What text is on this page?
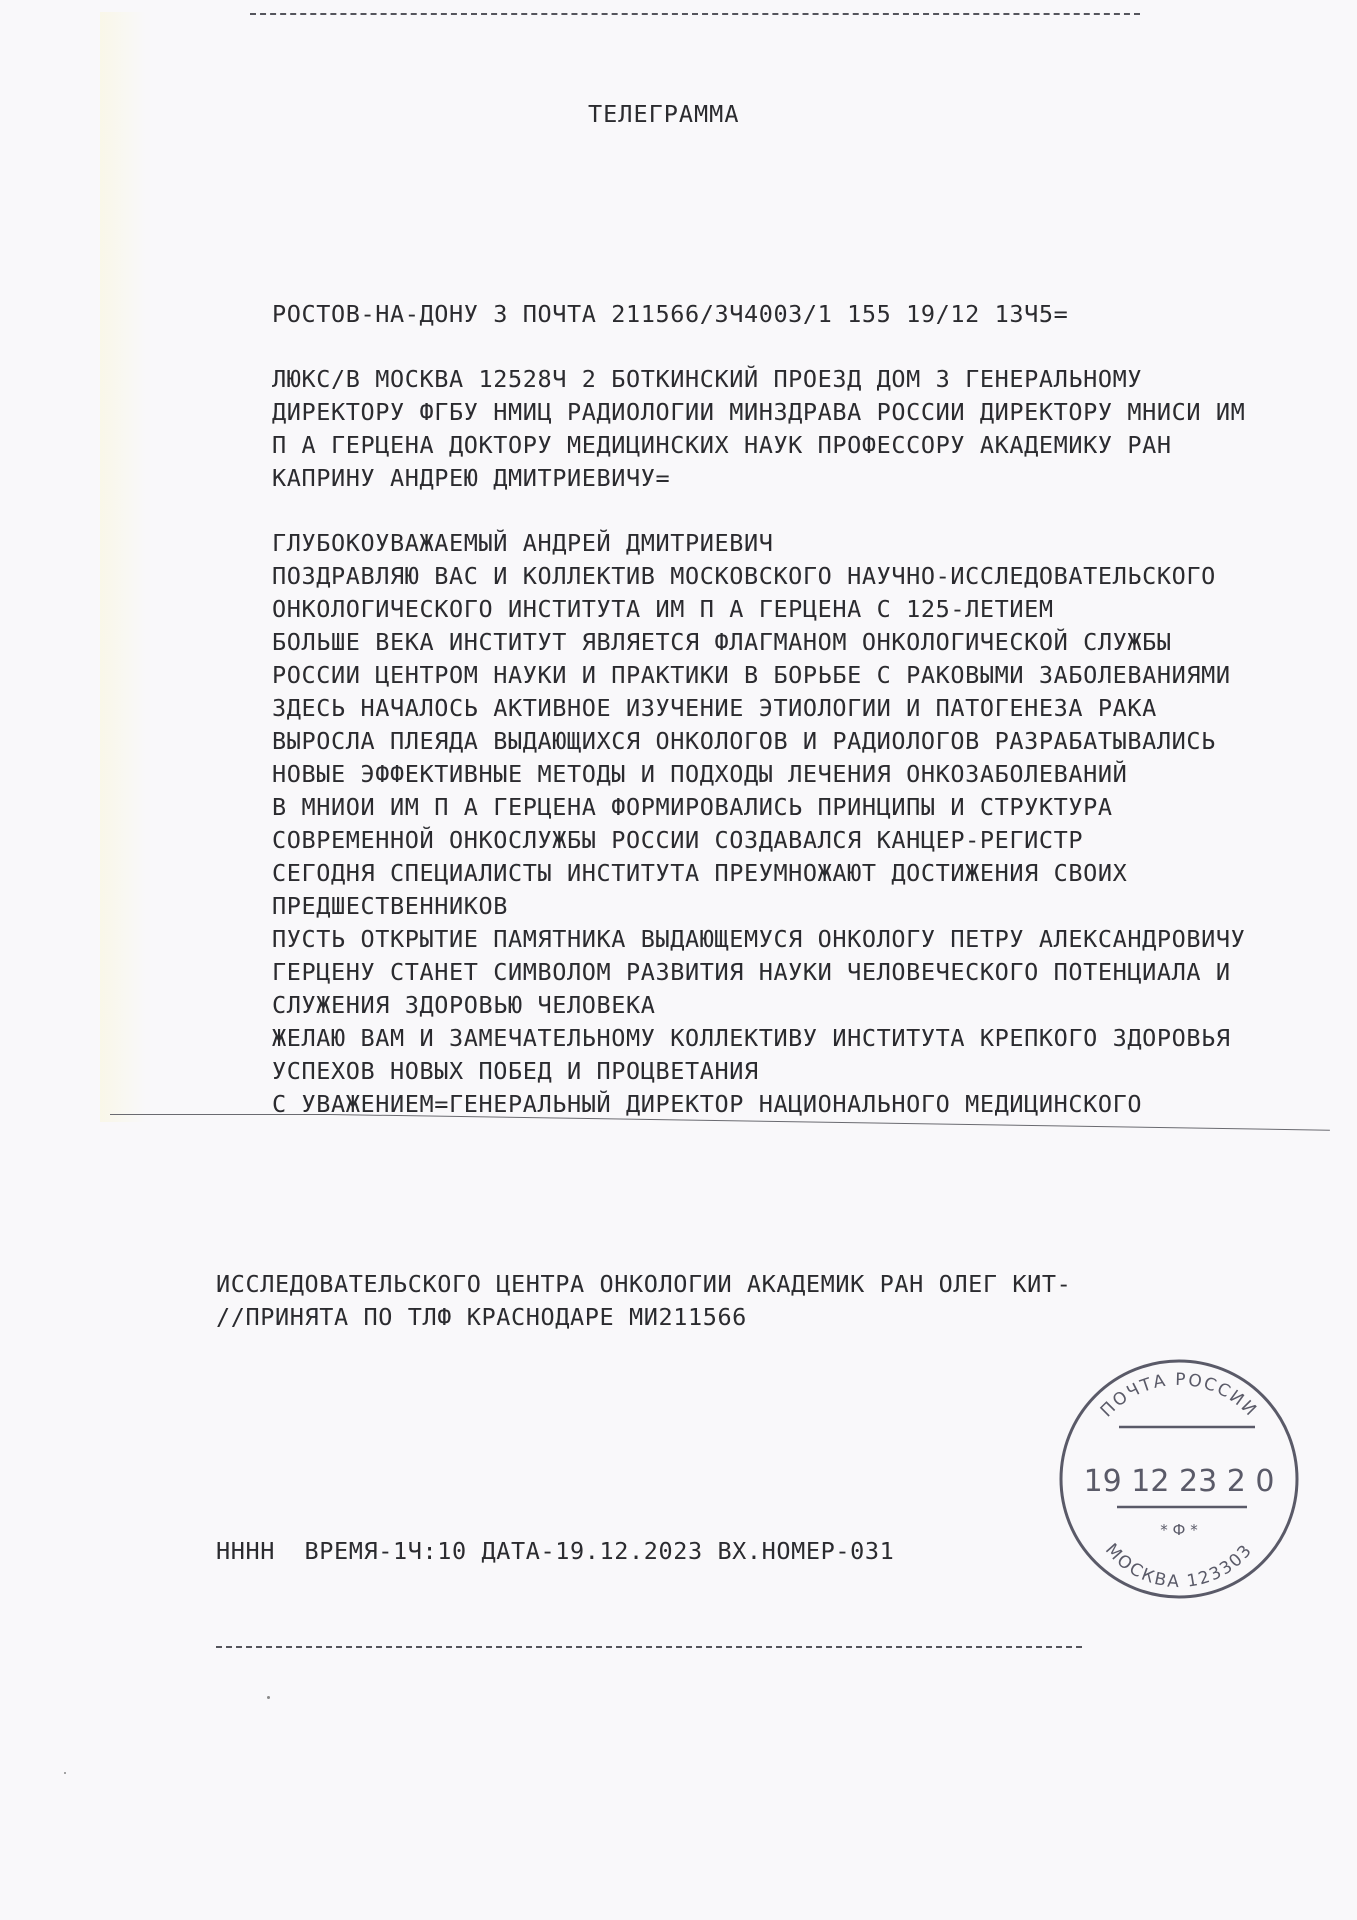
ТЕЛЕГРАММА
РОСТОВ-НА-ДОНУ 3 ПОЧТА 211566/3Ч4003/1 155 19/12 13Ч5=
ЛЮКС/В МОСКВА 12528Ч 2 БОТКИНСКИЙ ПРОЕЗД ДОМ 3 ГЕНЕРАЛЬНОМУ
ДИРЕКТОРУ ФГБУ НМИЦ РАДИОЛОГИИ МИНЗДРАВА РОССИИ ДИРЕКТОРУ МНИСИ ИМ
П А ГЕРЦЕНА ДОКТОРУ МЕДИЦИНСКИХ НАУК ПРОФЕССОРУ АКАДЕМИКУ РАН
КАПРИНУ АНДРЕЮ ДМИТРИЕВИЧУ=
ГЛУБОКОУВАЖАЕМЫЙ АНДРЕЙ ДМИТРИЕВИЧ
ПОЗДРАВЛЯЮ ВАС И КОЛЛЕКТИВ МОСКОВСКОГО НАУЧНО-ИССЛЕДОВАТЕЛЬСКОГО
ОНКОЛОГИЧЕСКОГО ИНСТИТУТА ИМ П А ГЕРЦЕНА С 125-ЛЕТИЕМ
БОЛЬШЕ ВЕКА ИНСТИТУТ ЯВЛЯЕТСЯ ФЛАГМАНОМ ОНКОЛОГИЧЕСКОЙ СЛУЖБЫ
РОССИИ ЦЕНТРОМ НАУКИ И ПРАКТИКИ В БОРЬБЕ С РАКОВЫМИ ЗАБОЛЕВАНИЯМИ
ЗДЕСЬ НАЧАЛОСЬ АКТИВНОЕ ИЗУЧЕНИЕ ЭТИОЛОГИИ И ПАТОГЕНЕЗА РАКА
ВЫРОСЛА ПЛЕЯДА ВЫДАЮЩИХСЯ ОНКОЛОГОВ И РАДИОЛОГОВ РАЗРАБАТЫВАЛИСЬ
НОВЫЕ ЭФФЕКТИВНЫЕ МЕТОДЫ И ПОДХОДЫ ЛЕЧЕНИЯ ОНКОЗАБОЛЕВАНИЙ
В МНИОИ ИМ П А ГЕРЦЕНА ФОРМИРОВАЛИСЬ ПРИНЦИПЫ И СТРУКТУРА
СОВРЕМЕННОЙ ОНКОСЛУЖБЫ РОССИИ СОЗДАВАЛСЯ КАНЦЕР-РЕГИСТР
СЕГОДНЯ СПЕЦИАЛИСТЫ ИНСТИТУТА ПРЕУМНОЖАЮТ ДОСТИЖЕНИЯ СВОИХ
ПРЕДШЕСТВЕННИКОВ
ПУСТЬ ОТКРЫТИЕ ПАМЯТНИКА ВЫДАЮЩЕМУСЯ ОНКОЛОГУ ПЕТРУ АЛЕКСАНДРОВИЧУ
ГЕРЦЕНУ СТАНЕТ СИМВОЛОМ РАЗВИТИЯ НАУКИ ЧЕЛОВЕЧЕСКОГО ПОТЕНЦИАЛА И
СЛУЖЕНИЯ ЗДОРОВЬЮ ЧЕЛОВЕКА
ЖЕЛАЮ ВАМ И ЗАМЕЧАТЕЛЬНОМУ КОЛЛЕКТИВУ ИНСТИТУТА КРЕПКОГО ЗДОРОВЬЯ
УСПЕХОВ НОВЫХ ПОБЕД И ПРОЦВЕТАНИЯ
С УВАЖЕНИЕМ=ГЕНЕРАЛЬНЫЙ ДИРЕКТОР НАЦИОНАЛЬНОГО МЕДИЦИНСКОГО
ИССЛЕДОВАТЕЛЬСКОГО ЦЕНТРА ОНКОЛОГИИ АКАДЕМИК РАН ОЛЕГ КИТ-
//ПРИНЯТА ПО ТЛФ КРАСНОДАРЕ МИ211566
ПОЧТА РОССИИ
19 12 23 2 0
* Ф *
МОСКВА 123303
НННН  ВРЕМЯ-1Ч:10 ДАТА-19.12.2023 ВХ.НОМЕР-031
